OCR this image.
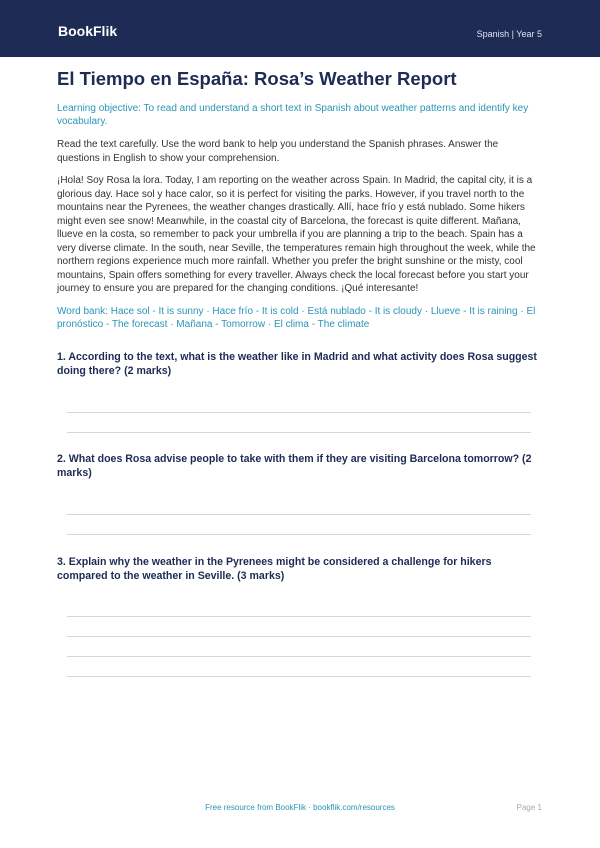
BookFlik	Spanish | Year 5
El Tiempo en España: Rosa’s Weather Report
Learning objective: To read and understand a short text in Spanish about weather patterns and identify key vocabulary.
Read the text carefully. Use the word bank to help you understand the Spanish phrases. Answer the questions in English to show your comprehension.
¡Hola! Soy Rosa la lora. Today, I am reporting on the weather across Spain. In Madrid, the capital city, it is a glorious day. Hace sol y hace calor, so it is perfect for visiting the parks. However, if you travel north to the mountains near the Pyrenees, the weather changes drastically. Allí, hace frío y está nublado. Some hikers might even see snow! Meanwhile, in the coastal city of Barcelona, the forecast is quite different. Mañana, llueve en la costa, so remember to pack your umbrella if you are planning a trip to the beach. Spain has a very diverse climate. In the south, near Seville, the temperatures remain high throughout the week, while the northern regions experience much more rainfall. Whether you prefer the bright sunshine or the misty, cool mountains, Spain offers something for every traveller. Always check the local forecast before you start your journey to ensure you are prepared for the changing conditions. ¡Qué interesante!
Word bank: Hace sol - It is sunny · Hace frío - It is cold · Está nublado - It is cloudy · Llueve - It is raining · El pronóstico - The forecast · Mañana - Tomorrow · El clima - The climate
1. According to the text, what is the weather like in Madrid and what activity does Rosa suggest doing there? (2 marks)
2. What does Rosa advise people to take with them if they are visiting Barcelona tomorrow? (2 marks)
3. Explain why the weather in the Pyrenees might be considered a challenge for hikers compared to the weather in Seville. (3 marks)
Free resource from BookFlik · bookflik.com/resources	Page 1
